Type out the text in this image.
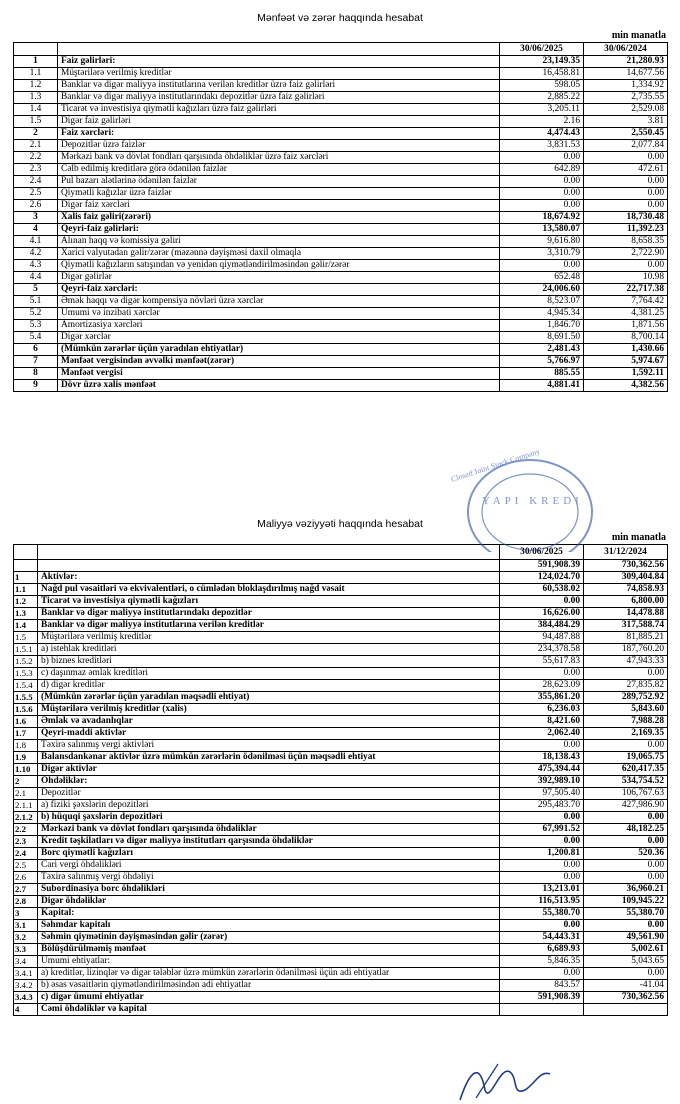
Mənfəət və zərər haqqında hesabat
min manatla
		30/06/2025	30/06/2024
1	Faiz gəlirləri:	23,149.35	21,280.93
1.1	Müştərilərə verilmiş kreditlər	16,458.81	14,677.56
1.2	Banklar və digər maliyyə institutlarına verilən kreditlər üzrə faiz gəlirləri	598.05	1,334.92
1.3	Banklar və digər maliyyə institutlarındakı depozitlər üzrə faiz gəlirləri	2,885.22	2,735.55
1.4	Ticarət və investisiya qiymətli kağızları üzrə faiz gəlirləri	3,205.11	2,529.08
1.5	Digər faiz gəlirləri	2.16	3.81
2	Faiz xərcləri:	4,474.43	2,550.45
2.1	Depozitlər üzrə faizlər	3,831.53	2,077.84
2.2	Mərkəzi bank və dövlət fondları qarşısında öhdəliklər üzrə faiz xərcləri	0.00	0.00
2.3	Cəlb edilmiş kreditlərə görə ödənilən faizlər	642.89	472.61
2.4	Pul bazarı alətlərinə ödənilən faizlər	0.00	0.00
2.5	Qiymətli kağızlar üzrə faizlər	0.00	0.00
2.6	Digər faiz xərcləri	0.00	0.00
3	Xalis faiz gəliri(zərəri)	18,674.92	18,730.48
4	Qeyri-faiz gəlirləri:	13,580.07	11,392.23
4.1	Alınan haqq və komissiya gəliri	9,616.80	8,658.35
4.2	Xarici valyutadan gəlir/zərər (məzənnə dəyişməsi daxil olmaqla	3,310.79	2,722.90
4.3	Qiymətli kağızların satışından və yenidən qiymətləndirilməsindən gəlir/zərər	0.00	0.00
4.4	Digər gəlirlər	652.48	10.98
5	Qeyri-faiz xərcləri:	24,006.60	22,717.38
5.1	Əmək haqqı və digər kompensiya növləri üzrə xərclər	8,523.07	7,764.42
5.2	Ümumi və inzibati xərclər	4,945.34	4,381.25
5.3	Amortizasiya xərcləri	1,846.70	1,871.56
5.4	Digər xərclər	8,691.50	8,700.14
6	(Mümkün zərərlər üçün yaradılan ehtiyatlar)	2,481.43	1,430.66
7	Mənfəət vergisindən əvvəlki mənfəət(zərər)	5,766.97	5,974.67
8	Mənfəət vergisi	885.55	1,592.11
9	Dövr üzrə xalis mənfəət	4,881.41	4,382.56
Maliyyə vəziyyəti haqqında hesabat
min manatla
		30/06/2025	31/12/2024
		591,908.39	730,362.56
1	Aktivlər:	124,024.70	309,404.84
1.1	Nağd pul vəsaitləri və ekvivalentləri, o cümlədən bloklaşdırılmış nağd vəsait	60,538.02	74,858.93
1.2	Ticarət və investisiya qiymətli kağızları	0.00	6,800.00
1.3	Banklar və digər maliyyə institutlarındakı depozitlər	16,626.00	14,478.88
1.4	Banklar və digər maliyyə institutlarına verilən kreditlər	384,484.29	317,588.74
1.5	Müştərilərə verilmiş kreditlər	94,487.88	81,885.21
1.5.1	a) istehlak kreditləri	234,378.58	187,760.20
1.5.2	b) biznes kreditləri	55,617.83	47,943.33
1.5.3	c) daşınmaz əmlak kreditləri	0.00	0.00
1.5.4	d) digər kreditlər	28,623.09	27,835.82
1.5.5	(Mümkün zərərlər üçün yaradılan məqsədli ehtiyat)	355,861.20	289,752.92
1.5.6	Müştərilərə verilmiş kreditlər (xalis)	6,236.03	5,843.60
1.6	Əmlak və avadanlıqlar	8,421.60	7,988.28
1.7	Qeyri-maddi aktivlər	2,062.40	2,169.35
1.8	Təxirə salınmış vergi aktivləri	0.00	0.00
1.9	Balansdankənar aktivlər üzrə mümkün zərərlərin ödənilməsi üçün məqsədli ehtiyat	18,138.43	19,065.75
1.10	Digər aktivlər	475,394.44	620,417.35
2	Öhdəliklər:	392,989.10	534,754.52
2.1	Depozitlər	97,505.40	106,767.63
2.1.1	a) fiziki şəxslərin depozitləri	295,483.70	427,986.90
2.1.2	b) hüquqi şəxslərin depozitləri	0.00	0.00
2.2	Mərkəzi bank və dövlət fondları qarşısında öhdəliklər	67,991.52	48,182.25
2.3	Kredit təşkilatları və digər maliyyə institutları qarşısında öhdəliklər	0.00	0.00
2.4	Borc qiymətli kağızları	1,200.81	520.36
2.5	Cari vergi öhdəlikləri	0.00	0.00
2.6	Təxirə salınmış vergi öhdəliyi	0.00	0.00
2.7	Subordinasiya borc öhdəlikləri	13,213.01	36,960.21
2.8	Digər öhdəliklər	116,513.95	109,945.22
3	Kapital:	55,380.70	55,380.70
3.1	Səhmdar kapitalı	0.00	0.00
3.2	Səhmin qiymətinin dəyişməsindən gəlir (zərər)	54,443.31	49,561.90
3.3	Bölüşdürülməmiş mənfəət	6,689.93	5,002.61
3.4	Ümumi ehtiyatlar:	5,846.35	5,043.65
3.4.1	a) kreditlər, lizinqlər və digər tələblər üzrə mümkün zərərlərin ödənilməsi üçün adi ehtiyatlar	0.00	0.00
3.4.2	b) əsas vəsaitlərin qiymətləndirilməsindən adi ehtiyatlar	843.57	-41.04
3.4.3	c) digər ümumi ehtiyatlar	591,908.39	730,362.56
4	Cəmi öhdəliklər və kapital		
Closed Joint Stock Company
YAPI KREDI
